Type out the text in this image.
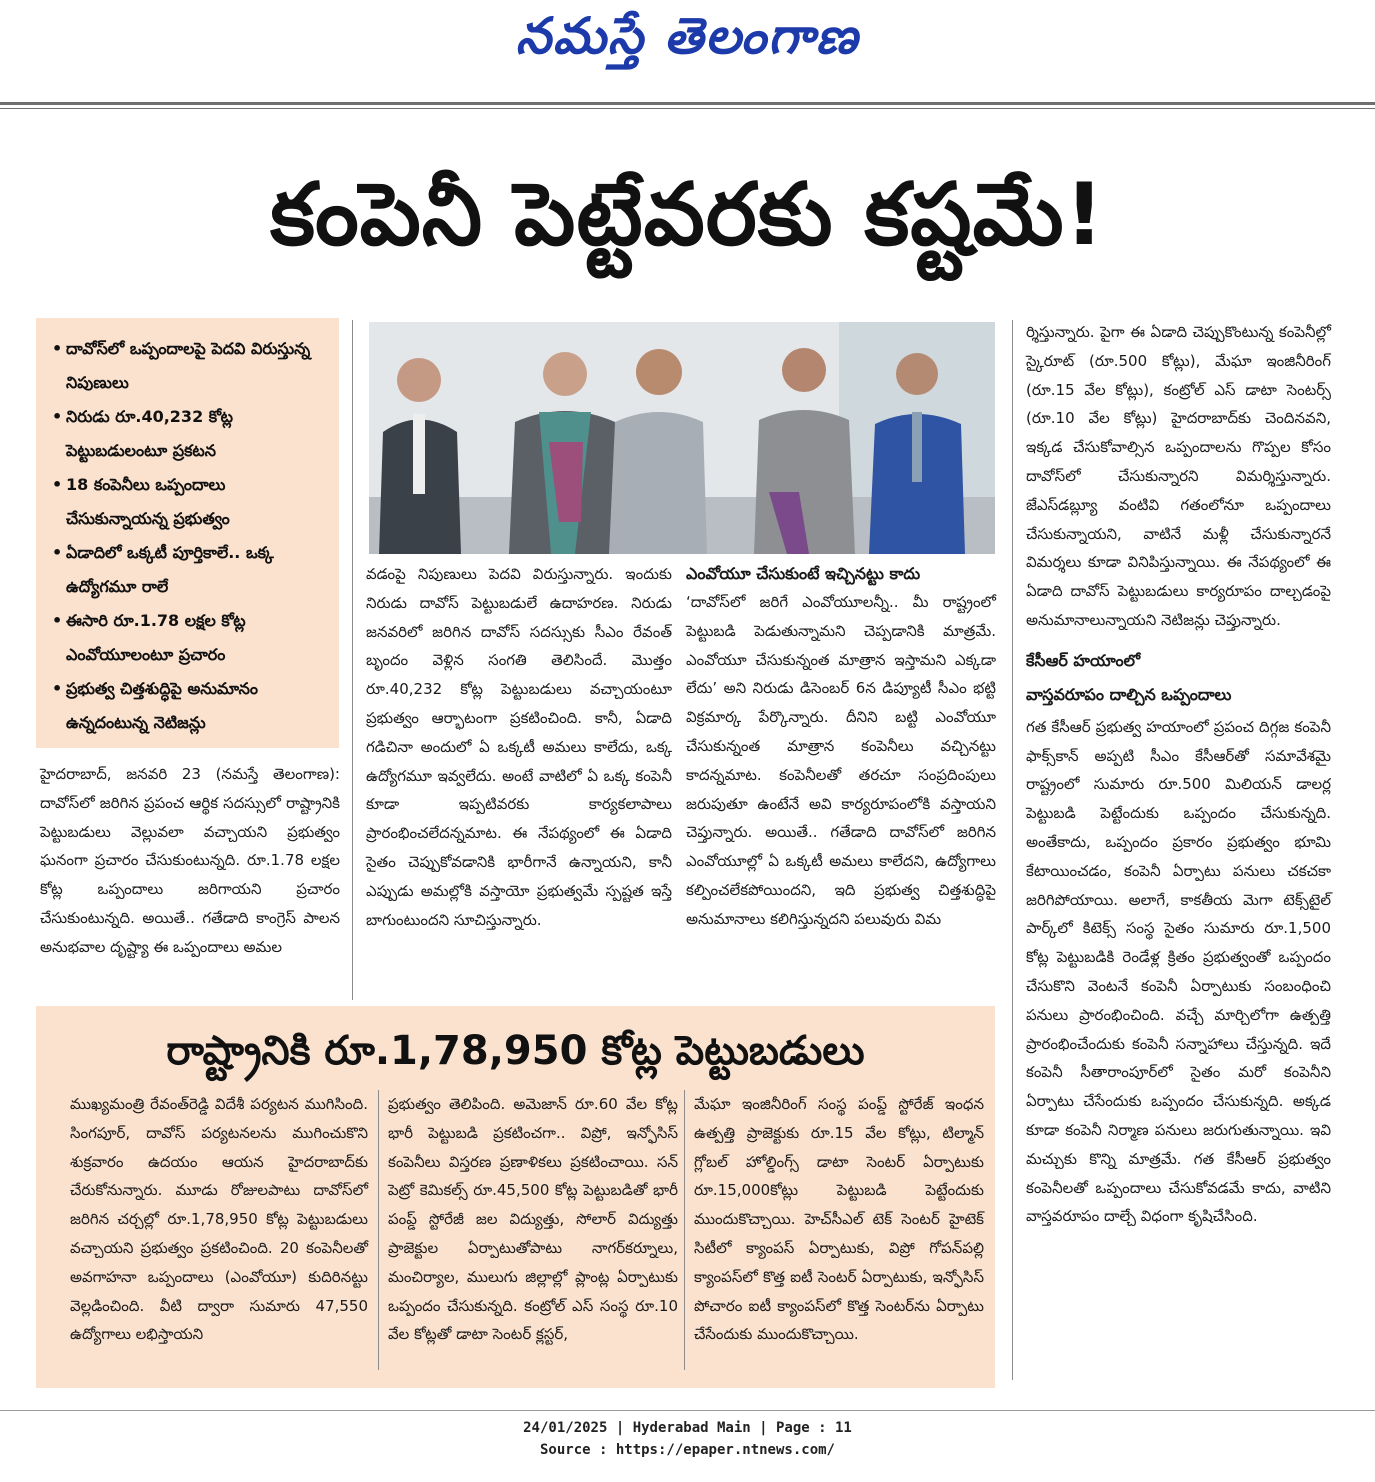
నమస్తే తెలంగాణ
కంపెనీ పెట్టేవరకు కష్టమే!
• దావోస్‌లో ఒప్పందాలపై పెదవి విరుస్తున్న నిపుణులు
• నిరుడు రూ.40,232 కోట్ల పెట్టుబడులంటూ ప్రకటన
• 18 కంపెనీలు ఒప్పందాలు చేసుకున్నాయన్న ప్రభుత్వం
• ఏడాదిలో ఒక్కటీ పూర్తికాలే.. ఒక్క ఉద్యోగమూ రాలే
• ఈసారి రూ.1.78 లక్షల కోట్ల ఎంవోయూలంటూ ప్రచారం
• ప్రభుత్వ చిత్తశుద్ధిపై అనుమానం ఉన్నదంటున్న నెటిజన్లు

హైదరాబాద్, జనవరి 23 (నమస్తే తెలంగాణ): దావోస్‌లో జరిగిన ప్రపంచ ఆర్థిక సదస్సులో రాష్ట్రానికి పెట్టుబడులు వెల్లువలా వచ్చాయని ప్రభుత్వం ఘనంగా ప్రచారం చేసుకుంటున్నది. రూ.1.78 లక్షల కోట్ల ఒప్పందాలు జరిగాయని ప్రచారం చేసుకుంటున్నది. అయితే.. గతేడాది కాంగ్రెస్ పాలన అనుభవాల దృష్ట్యా ఈ ఒప్పందాలు అమల

వడంపై నిపుణులు పెదవి విరుస్తున్నారు. ఇందుకు నిరుడు దావోస్ పెట్టుబడులే ఉదాహరణ. నిరుడు జనవరిలో జరిగిన దావోస్ సదస్సుకు సీఎం రేవంత్ బృందం వెళ్లిన సంగతి తెలిసిందే. మొత్తం రూ.40,232 కోట్ల పెట్టుబడులు వచ్చాయంటూ ప్రభుత్వం ఆర్భాటంగా ప్రకటించింది. కానీ, ఏడాది గడిచినా అందులో ఏ ఒక్కటీ అమలు కాలేదు, ఒక్క ఉద్యోగమూ ఇవ్వలేదు. అంటే వాటిలో ఏ ఒక్క కంపెనీ కూడా ఇప్పటివరకు కార్యకలాపాలు ప్రారంభించలేదన్నమాట. ఈ నేపథ్యంలో ఈ ఏడాది సైతం చెప్పుకోవడానికి భారీగానే ఉన్నాయని, కానీ ఎప్పుడు అమల్లోకి వస్తాయో ప్రభుత్వమే స్పష్టత ఇస్తే బాగుంటుందని సూచిస్తున్నారు.

ఎంవోయూ చేసుకుంటే ఇచ్చినట్టు కాదు

‘దావోస్‌లో జరిగే ఎంవోయూలన్నీ.. మీ రాష్ట్రంలో పెట్టుబడి పెడుతున్నామని చెప్పడానికి మాత్రమే. ఎంవోయూ చేసుకున్నంత మాత్రాన ఇస్తామని ఎక్కడా లేదు’ అని నిరుడు డిసెంబర్ 6న డిప్యూటీ సీఎం భట్టి విక్రమార్క పేర్కొన్నారు. దీనిని బట్టి ఎంవోయూ చేసుకున్నంత మాత్రాన కంపెనీలు వచ్చినట్టు కాదన్నమాట. కంపెనీలతో తరచూ సంప్రదింపులు జరుపుతూ ఉంటేనే అవి కార్యరూపంలోకి వస్తాయని చెప్తున్నారు. అయితే.. గతేడాది దావోస్‌లో జరిగిన ఎంవోయూల్లో ఏ ఒక్కటీ అమలు కాలేదని, ఉద్యోగాలు కల్పించలేకపోయిందని, ఇది ప్రభుత్వ చిత్తశుద్ధిపై అనుమానాలు కలిగిస్తున్నదని పలువురు విమ

ర్శిస్తున్నారు. పైగా ఈ ఏడాది చెప్పుకొంటున్న కంపెనీల్లో స్కైరూట్ (రూ.500 కోట్లు), మేఘా ఇంజినీరింగ్ (రూ.15 వేల కోట్లు), కంట్రోల్ ఎస్ డాటా సెంటర్స్ (రూ.10 వేల కోట్లు) హైదరాబాద్‌కు చెందినవని, ఇక్కడ చేసుకోవాల్సిన ఒప్పందాలను గొప్పల కోసం దావోస్‌లో చేసుకున్నారని విమర్శిస్తున్నారు. జేఎస్‌డబ్ల్యూ వంటివి గతంలోనూ ఒప్పందాలు చేసుకున్నాయని, వాటినే మళ్లీ చేసుకున్నారనే విమర్శలు కూడా వినిపిస్తున్నాయి. ఈ నేపథ్యంలో ఈ ఏడాది దావోస్ పెట్టుబడులు కార్యరూపం దాల్చడంపై అనుమానాలున్నాయని నెటిజన్లు చెప్తున్నారు.

కేసీఆర్ హయాంలో

వాస్తవరూపం దాల్చిన ఒప్పందాలు

గత కేసీఆర్ ప్రభుత్వ హయాంలో ప్రపంచ దిగ్గజ కంపెనీ ఫాక్స్‌కాన్ అప్పటి సీఎం కేసీఆర్‌తో సమావేశమై రాష్ట్రంలో సుమారు రూ.500 మిలియన్ డాలర్ల పెట్టుబడి పెట్టేందుకు ఒప్పందం చేసుకున్నది. అంతేకాదు, ఒప్పందం ప్రకారం ప్రభుత్వం భూమి కేటాయించడం, కంపెనీ ఏర్పాటు పనులు చకచకా జరిగిపోయాయి. అలాగే, కాకతీయ మెగా టెక్స్‌టైల్ పార్క్‌లో కిటెక్స్ సంస్థ సైతం సుమారు రూ.1,500 కోట్ల పెట్టుబడికి రెండేళ్ల క్రితం ప్రభుత్వంతో ఒప్పందం చేసుకొని వెంటనే కంపెనీ ఏర్పాటుకు సంబంధించి పనులు ప్రారంభించింది. వచ్చే మార్చిలోగా ఉత్పత్తి ప్రారంభించేందుకు కంపెనీ సన్నాహాలు చేస్తున్నది. ఇదే కంపెనీ సీతారాంపూర్‌లో సైతం మరో కంపెనీని ఏర్పాటు చేసేందుకు ఒప్పందం చేసుకున్నది. అక్కడ కూడా కంపెనీ నిర్మాణ పనులు జరుగుతున్నాయి. ఇవి మచ్చుకు కొన్ని మాత్రమే. గత కేసీఆర్ ప్రభుత్వం కంపెనీలతో ఒప్పందాలు చేసుకోవడమే కాదు, వాటిని వాస్తవరూపం దాల్చే విధంగా కృషిచేసింది.

రాష్ట్రానికి రూ.1,78,950 కోట్ల పెట్టుబడులు

ముఖ్యమంత్రి రేవంత్‌రెడ్డి విదేశీ పర్యటన ముగిసింది. సింగపూర్, దావోస్ పర్యటనలను ముగించుకొని శుక్రవారం ఉదయం ఆయన హైదరాబాద్‌కు చేరుకోనున్నారు. మూడు రోజులపాటు దావోస్‌లో జరిగిన చర్చల్లో రూ.1,78,950 కోట్ల పెట్టుబడులు వచ్చాయని ప్రభుత్వం ప్రకటించింది. 20 కంపెనీలతో అవగాహనా ఒప్పందాలు (ఎంవోయూ) కుదిరినట్టు వెల్లడించింది. వీటి ద్వారా సుమారు 47,550 ఉద్యోగాలు లభిస్తాయని

ప్రభుత్వం తెలిపింది. అమెజాన్ రూ.60 వేల కోట్ల భారీ పెట్టుబడి ప్రకటించగా.. విప్రో, ఇన్ఫోసిస్ కంపెనీలు విస్తరణ ప్రణాళికలు ప్రకటించాయి. సన్ పెట్రో కెమికల్స్ రూ.45,500 కోట్ల పెట్టుబడితో భారీ పంప్డ్ స్టోరేజీ జల విద్యుత్తు, సోలార్ విద్యుత్తు ప్రాజెక్టుల ఏర్పాటుతోపాటు నాగర్‌కర్నూలు, మంచిర్యాల, ములుగు జిల్లాల్లో ప్లాంట్ల ఏర్పాటుకు ఒప్పందం చేసుకున్నది. కంట్రోల్ ఎస్ సంస్థ రూ.10 వేల కోట్లతో డాటా సెంటర్ క్లస్టర్,

మేఘా ఇంజినీరింగ్ సంస్థ పంప్డ్ స్టోరేజ్ ఇంధన ఉత్పత్తి ప్రాజెక్టుకు రూ.15 వేల కోట్లు, టిల్మాన్ గ్లోబల్ హోల్డింగ్స్ డాటా సెంటర్ ఏర్పాటుకు రూ.15,000కోట్లు పెట్టుబడి పెట్టేందుకు ముందుకొచ్చాయి. హెచ్‌సీఎల్ టెక్ సెంటర్ హైటెక్ సిటీలో క్యాంపస్ ఏర్పాటుకు, విప్రో గోపన్‌పల్లి క్యాంపస్‌లో కొత్త ఐటీ సెంటర్ ఏర్పాటుకు, ఇన్ఫోసిస్ పోచారం ఐటీ క్యాంపస్‌లో కొత్త సెంటర్‌ను ఏర్పాటు చేసేందుకు ముందుకొచ్చాయి.

24/01/2025 | Hyderabad Main | Page : 11
Source : https://epaper.ntnews.com/
